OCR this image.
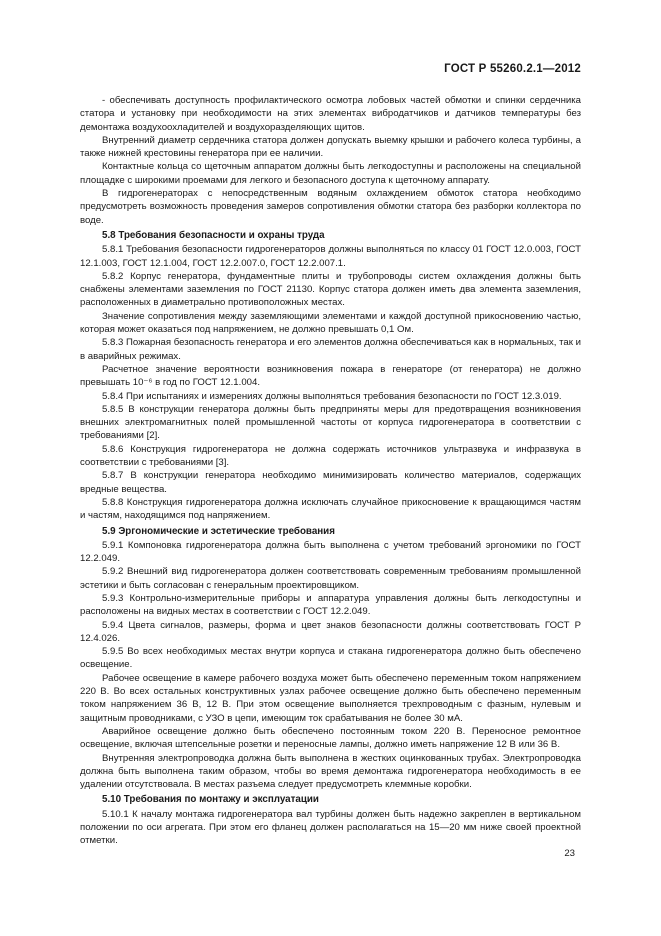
ГОСТ Р 55260.2.1—2012

- обеспечивать доступность профилактического осмотра лобовых частей обмотки и спинки сердечника статора и установку при необходимости на этих элементах вибродатчиков и датчиков температуры без демонтажа воздухоохладителей и воздухоразделяющих щитов.

Внутренний диаметр сердечника статора должен допускать выемку крышки и рабочего колеса турбины, а также нижней крестовины генератора при ее наличии.

Контактные кольца со щеточным аппаратом должны быть легкодоступны и расположены на специальной площадке с широкими проемами для легкого и безопасного доступа к щеточному аппарату.

В гидрогенераторах с непосредственным водяным охлаждением обмоток статора необходимо предусмотреть возможность проведения замеров сопротивления обмотки статора без разборки коллектора по воде.

5.8 Требования безопасности и охраны труда

5.8.1 Требования безопасности гидрогенераторов должны выполняться по классу 01 ГОСТ 12.0.003, ГОСТ 12.1.003, ГОСТ 12.1.004, ГОСТ 12.2.007.0, ГОСТ 12.2.007.1.

5.8.2 Корпус генератора, фундаментные плиты и трубопроводы систем охлаждения должны быть снабжены элементами заземления по ГОСТ 21130. Корпус статора должен иметь два элемента заземления, расположенных в диаметрально противоположных местах.

Значение сопротивления между заземляющими элементами и каждой доступной прикосновению частью, которая может оказаться под напряжением, не должно превышать 0,1 Ом.

5.8.3 Пожарная безопасность генератора и его элементов должна обеспечиваться как в нормальных, так и в аварийных режимах.

Расчетное значение вероятности возникновения пожара в генераторе (от генератора) не должно превышать 10⁻⁶ в год по ГОСТ 12.1.004.

5.8.4 При испытаниях и измерениях должны выполняться требования безопасности по ГОСТ 12.3.019.

5.8.5 В конструкции генератора должны быть предприняты меры для предотвращения возникновения внешних электромагнитных полей промышленной частоты от корпуса гидрогенератора в соответствии с требованиями [2].

5.8.6 Конструкция гидрогенератора не должна содержать источников ультразвука и инфразвука в соответствии с требованиями [3].

5.8.7 В конструкции генератора необходимо минимизировать количество материалов, содержащих вредные вещества.

5.8.8 Конструкция гидрогенератора должна исключать случайное прикосновение к вращающимся частям и частям, находящимся под напряжением.

5.9 Эргономические и эстетические требования

5.9.1 Компоновка гидрогенератора должна быть выполнена с учетом требований эргономики по ГОСТ 12.2.049.

5.9.2 Внешний вид гидрогенератора должен соответствовать современным требованиям промышленной эстетики и быть согласован с генеральным проектировщиком.

5.9.3 Контрольно-измерительные приборы и аппаратура управления должны быть легкодоступны и расположены на видных местах в соответствии с ГОСТ 12.2.049.

5.9.4 Цвета сигналов, размеры, форма и цвет знаков безопасности должны соответствовать ГОСТ Р 12.4.026.

5.9.5 Во всех необходимых местах внутри корпуса и стакана гидрогенератора должно быть обеспечено освещение.

Рабочее освещение в камере рабочего воздуха может быть обеспечено переменным током напряжением 220 В. Во всех остальных конструктивных узлах рабочее освещение должно быть обеспечено переменным током напряжением 36 В, 12 В. При этом освещение выполняется трехпроводным с фазным, нулевым и защитным проводниками, с УЗО в цепи, имеющим ток срабатывания не более 30 мА.

Аварийное освещение должно быть обеспечено постоянным током 220 В. Переносное ремонтное освещение, включая штепсельные розетки и переносные лампы, должно иметь напряжение 12 В или 36 В.

Внутренняя электропроводка должна быть выполнена в жестких оцинкованных трубах. Электропроводка должна быть выполнена таким образом, чтобы во время демонтажа гидрогенератора необходимость в ее удалении отсутствовала. В местах разъема следует предусмотреть клеммные коробки.

5.10 Требования по монтажу и эксплуатации

5.10.1 К началу монтажа гидрогенератора вал турбины должен быть надежно закреплен в вертикальном положении по оси агрегата. При этом его фланец должен располагаться на 15—20 мм ниже своей проектной отметки.

23
